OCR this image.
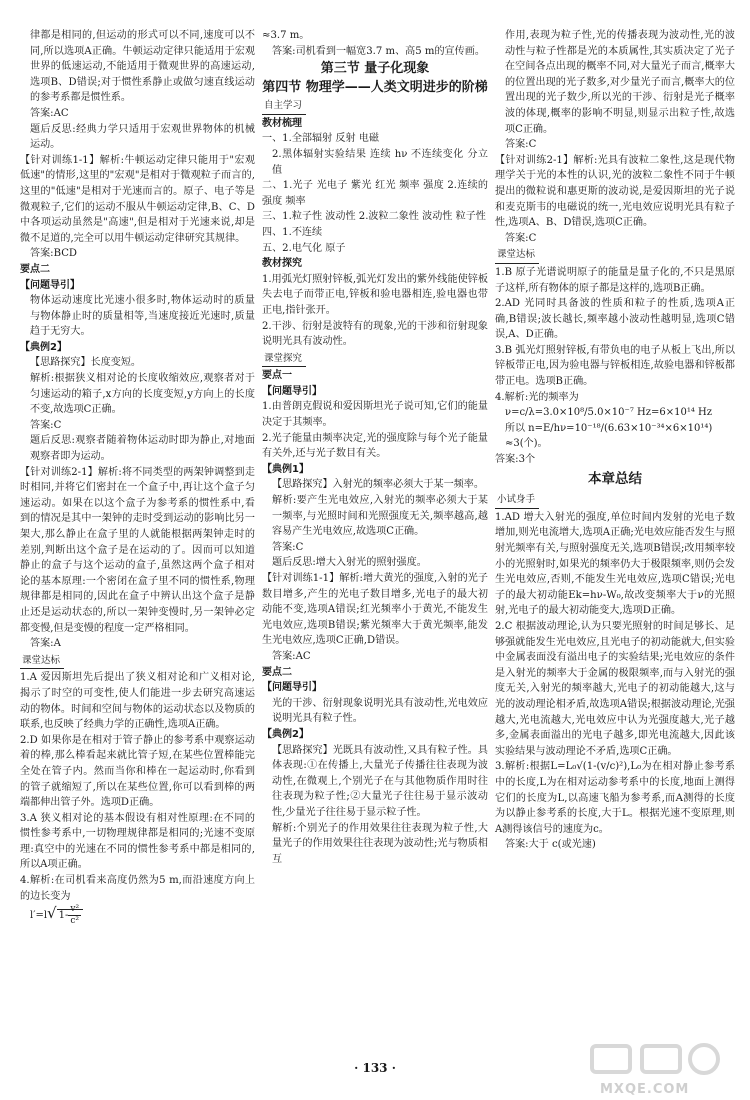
律都是相同的,但运动的形式可以不同,速度可以不同,所以选项A正确。牛顿运动定律只能适用于宏观世界的低速运动,不能适用于微观世界的高速运动,选项B、D错误;对于惯性系静止或做匀速直线运动的参考系都是惯性系。
答案:AC
题后反思:经典力学只适用于宏观世界物体的机械运动。
【针对训练1-1】解析:牛顿运动定律只能用于"宏观低速"的情形,这里的"宏观"是相对于微观粒子而言的,这里的"低速"是相对于光速而言的。原子、电子等是微观粒子,它们的运动不服从牛顿运动定律,B、C、D中各项运动虽然是"高速",但是相对于光速来说,却是微不足道的,完全可以用牛顿运动定律研究其规律。
答案:BCD
要点二
【问题导引】
物体运动速度比光速小很多时,物体运动时的质量与物体静止时的质量相等,当速度接近光速时,质量趋于无穷大。
【典例2】
【思路探究】长度变短。
解析:根据狭义相对论的长度收缩效应,观察者对于匀速运动的箱子,x方向的长度变短,y方向上的长度不变,故选项C正确。
答案:C
题后反思:观察者随着物体运动时即为静止,对地面观察者即为运动。
【针对训练2-1】解析:将不同类型的两架钟调整到走时相同,并将它们密封在一个盒子中,再让这个盒子匀速运动。如果在以这个盒子为参考系的惯性系中,看到的情况是其中一架钟的走时受到运动的影响比另一架大,那么静止在盒子里的人就能根据两架钟走时的差别,判断出这个盒子是在运动的了。因而可以知道静止的盒子与这个运动的盒子,虽然这两个盒子相对论的基本原理:一个密闭在盒子里不同的惯性系,物理规律都是相同的,因此在盒子中辨认出这个盒子是静止还是运动状态的,所以一架钟变慢时,另一架钟必定都变慢,但是变慢的程度一定严格相同。
答案:A
课堂达标
1.A 爱因斯坦先后提出了狭义相对论和广义相对论,揭示了时空的可变性,使人们能进一步去研究高速运动的物体。时间和空间与物体的运动状态以及物质的联系,也反映了经典力学的正确性,选项A正确。
2.D 如果你是在相对于管子静止的参考系中观察运动着的棒,那么棒看起来就比管子短,在某些位置棒能完全处在管子内。然而当你和棒在一起运动时,你看到的管子就缩短了,所以在某些位置,你可以看到棒的两端都伸出管子外。选项D正确。
3.A 狭义相对论的基本假设有相对性原理:在不同的惯性参考系中,一切物理规律都是相同的;光速不变原理:真空中的光速在不同的惯性参考系中都是相同的,所以A项正确。
4.解析:在司机看来高度仍然为5 m,而沿速度方向上的边长变为
l′=l√ $1- \frac{\text{v²}}{\text{c²}}$
≈3.7 m。
答案:司机看到一幅宽3.7 m、高5 m的宣传画。
第三节 量子化现象
第四节 物理学——人类文明进步的阶梯
自主学习
教材梳理
一、1.全部辐射 反射 电磁
2.黑体辐射实验结果 连续 hν 不连续变化 分立值
二、1.光子 光电子 紫光 红光 频率 强度 2.连续的 强度 频率
三、1.粒子性 波动性 2.波粒二象性 波动性 粒子性
四、1.不连续
五、2.电气化 原子
教材探究
1.用弧光灯照射锌板,弧光灯发出的紫外线能使锌板失去电子而带正电,锌板和验电器相连,验电器也带正电,指针张开。
2.干涉、衍射是波特有的现象,光的干涉和衍射现象说明光具有波动性。
课堂探究
要点一
【问题导引】
1.由普朗克假说和爱因斯坦光子说可知,它们的能量决定于其频率。
2.光子能量由频率决定,光的强度除与每个光子能量有关外,还与光子数目有关。
【典例1】
【思路探究】入射光的频率必须大于某一频率。
解析:要产生光电效应,入射光的频率必须大于某一频率,与光照时间和光照强度无关,频率越高,越容易产生光电效应,故选项C正确。
答案:C
题后反思:增大入射光的照射强度。
【针对训练1-1】解析:增大黄光的强度,入射的光子数目增多,产生的光电子数目增多,光电子的最大初动能不变,选项A错误;红光频率小于黄光,不能发生光电效应,选项B错误;紫光频率大于黄光频率,能发生光电效应,选项C正确,D错误。
答案:AC
要点二
【问题导引】
光的干涉、衍射现象说明光具有波动性,光电效应说明光具有粒子性。
【典例2】
【思路探究】光既具有波动性,又具有粒子性。具体表现:①在传播上,大量光子传播往往表现为波动性,在微观上,个别光子在与其他物质作用时往往表现为粒子性;②大量光子往往易于显示波动性,少量光子往往易于显示粒子性。
解析:个别光子的作用效果往往表现为粒子性,大量光子的作用效果往往表现为波动性;光与物质相互
作用,表现为粒子性,光的传播表现为波动性,光的波动性与粒子性都是光的本质属性,其实质决定了光子在空间各点出现的概率不同,对大量光子而言,概率大的位置出现的光子数多,对少量光子而言,概率大的位置出现的光子数少,所以光的干涉、衍射是光子概率波的体现,概率的影响不明显,则显示出粒子性,故选项C正确。
答案:C
【针对训练2-1】解析:光具有波粒二象性,这是现代物理学关于光的本性的认识,光的波粒二象性不同于牛顿提出的微粒说和惠更斯的波动说,是爱因斯坦的光子说和麦克斯韦的电磁说的统一,光电效应说明光具有粒子性,选项A、B、D错误,选项C正确。
答案:C
课堂达标
1.B 原子光谱说明原子的能量是量子化的,不只是黑原子这样,所有物体的原子都是这样的,选项B正确。
2.AD 光同时具备波的性质和粒子的性质,选项A正确,B错误;波长越长,频率越小波动性越明显,选项C错误,A、D正确。
3.B 弧光灯照射锌板,有带负电的电子从板上飞出,所以锌板带正电,因为验电器与锌板相连,故验电器和锌板都带正电。选项B正确。
4.解析:光的频率为
ν=c/λ=3.0×10⁸/5.0×10⁻⁷ Hz=6×10¹⁴ Hz
所以 n=E/hν=10⁻¹⁸/(6.63×10⁻³⁴×6×10¹⁴)
≈3(个)。
答案:3个
本章总结
小试身手
1.AD 增大入射光的强度,单位时间内发射的光电子数增加,则光电流增大,选项A正确;光电效应能否发生与照射光频率有关,与照射强度无关,选项B错误;改用频率较小的光照射时,如果光的频率仍大于极限频率,则仍会发生光电效应,否则,不能发生光电效应,选项C错误;光电子的最大初动能Ek=hν-W₀,故改变频率大于ν的光照射,光电子的最大初动能变大,选项D正确。
2.C 根据波动理论,认为只要光照射的时间足够长、足够强就能发生光电效应,且光电子的初动能就大,但实验中金属表面没有溢出电子的实验结果;光电效应的条件是入射光的频率大于金属的极限频率,而与入射光的强度无关,入射光的频率越大,光电子的初动能越大,这与光的波动理论相矛盾,故选项A错误;根据波动理论,光强越大,光电流越大,光电效应中认为光强度越大,光子越多,金属表面溢出的光电子越多,即光电流越大,因此该实验结果与波动理论不矛盾,选项C正确。
3.解析:根据L=L₀√(1-(v/c)²),L₀为在相对静止参考系中的长度,L为在相对运动参考系中的长度,地面上测得它们的长度为L,以高速飞船为参考系,而A测得的长度为以静止参考系的长度,大于L。根据光速不变原理,则A测得该信号的速度为c。
答案:大于 c(或光速)
· 133 ·
MXQE.COM
